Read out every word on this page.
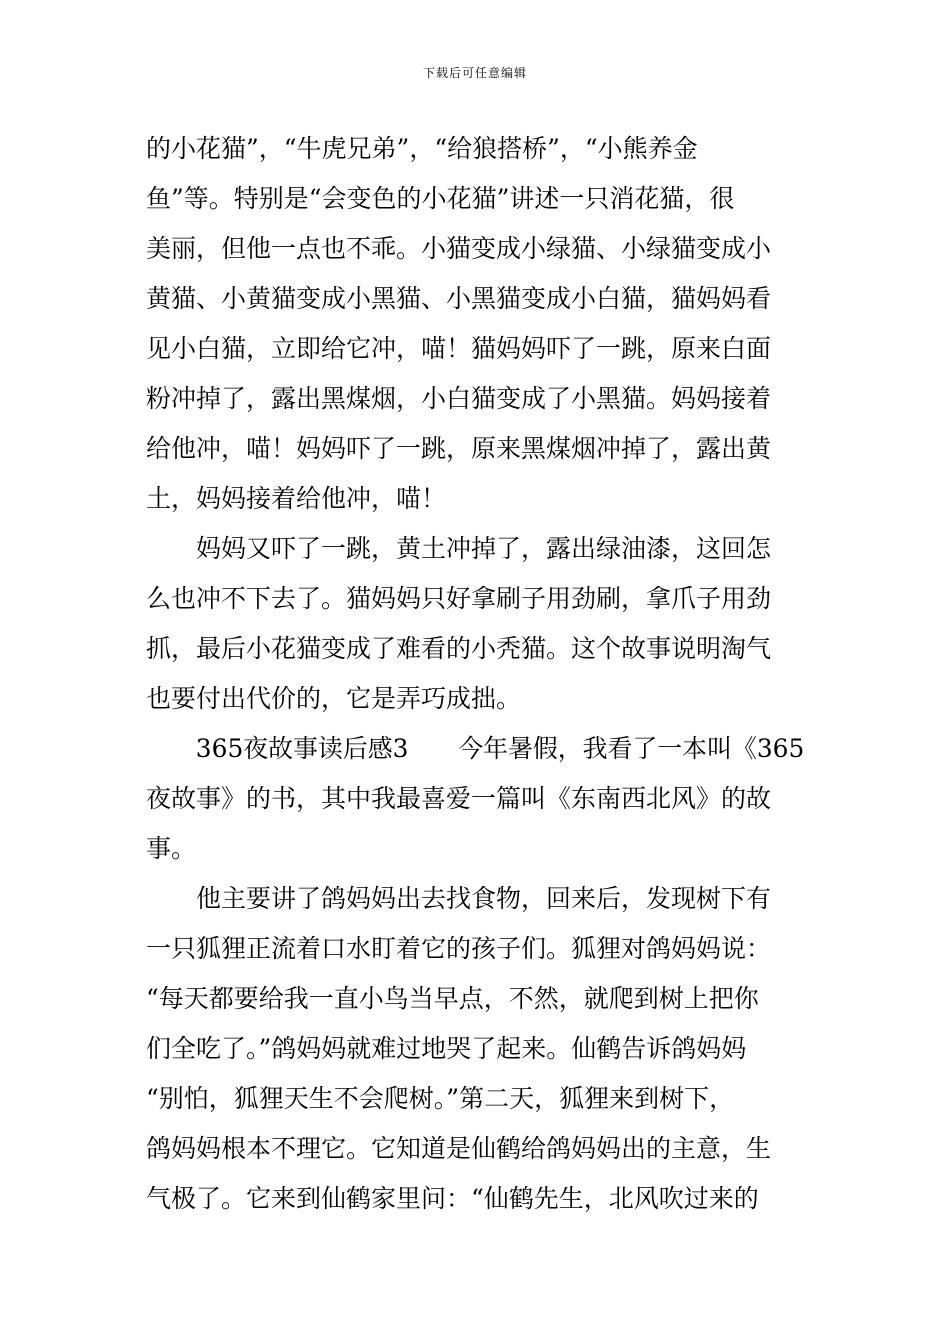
下载后可任意编辑
的小花猫”，“牛虎兄弟”，“给狼搭桥”，“小熊养金
鱼”等。特别是“会变色的小花猫”讲述一只消花猫，很
美丽，但他一点也不乖。小猫变成小绿猫、小绿猫变成小
黄猫、小黄猫变成小黑猫、小黑猫变成小白猫，猫妈妈看
见小白猫，立即给它冲，喵！猫妈妈吓了一跳，原来白面
粉冲掉了，露出黑煤烟，小白猫变成了小黑猫。妈妈接着
给他冲，喵！妈妈吓了一跳，原来黑煤烟冲掉了，露出黄
土，妈妈接着给他冲，喵！
　　妈妈又吓了一跳，黄土冲掉了，露出绿油漆，这回怎
么也冲不下去了。猫妈妈只好拿刷子用劲刷，拿爪子用劲
抓，最后小花猫变成了难看的小秃猫。这个故事说明淘气
也要付出代价的，它是弄巧成拙。
　　365夜故事读后感3　　今年暑假，我看了一本叫《365
夜故事》的书，其中我最喜爱一篇叫《东南西北风》的故
事。
　　他主要讲了鸽妈妈出去找食物，回来后，发现树下有
一只狐狸正流着口水盯着它的孩子们。狐狸对鸽妈妈说：
“每天都要给我一直小鸟当早点，不然，就爬到树上把你
们全吃了。”鸽妈妈就难过地哭了起来。仙鹤告诉鸽妈妈
“别怕，狐狸天生不会爬树。”第二天，狐狸来到树下，
鸽妈妈根本不理它。它知道是仙鹤给鸽妈妈出的主意，生
气极了。它来到仙鹤家里问：“仙鹤先生，北风吹过来的
